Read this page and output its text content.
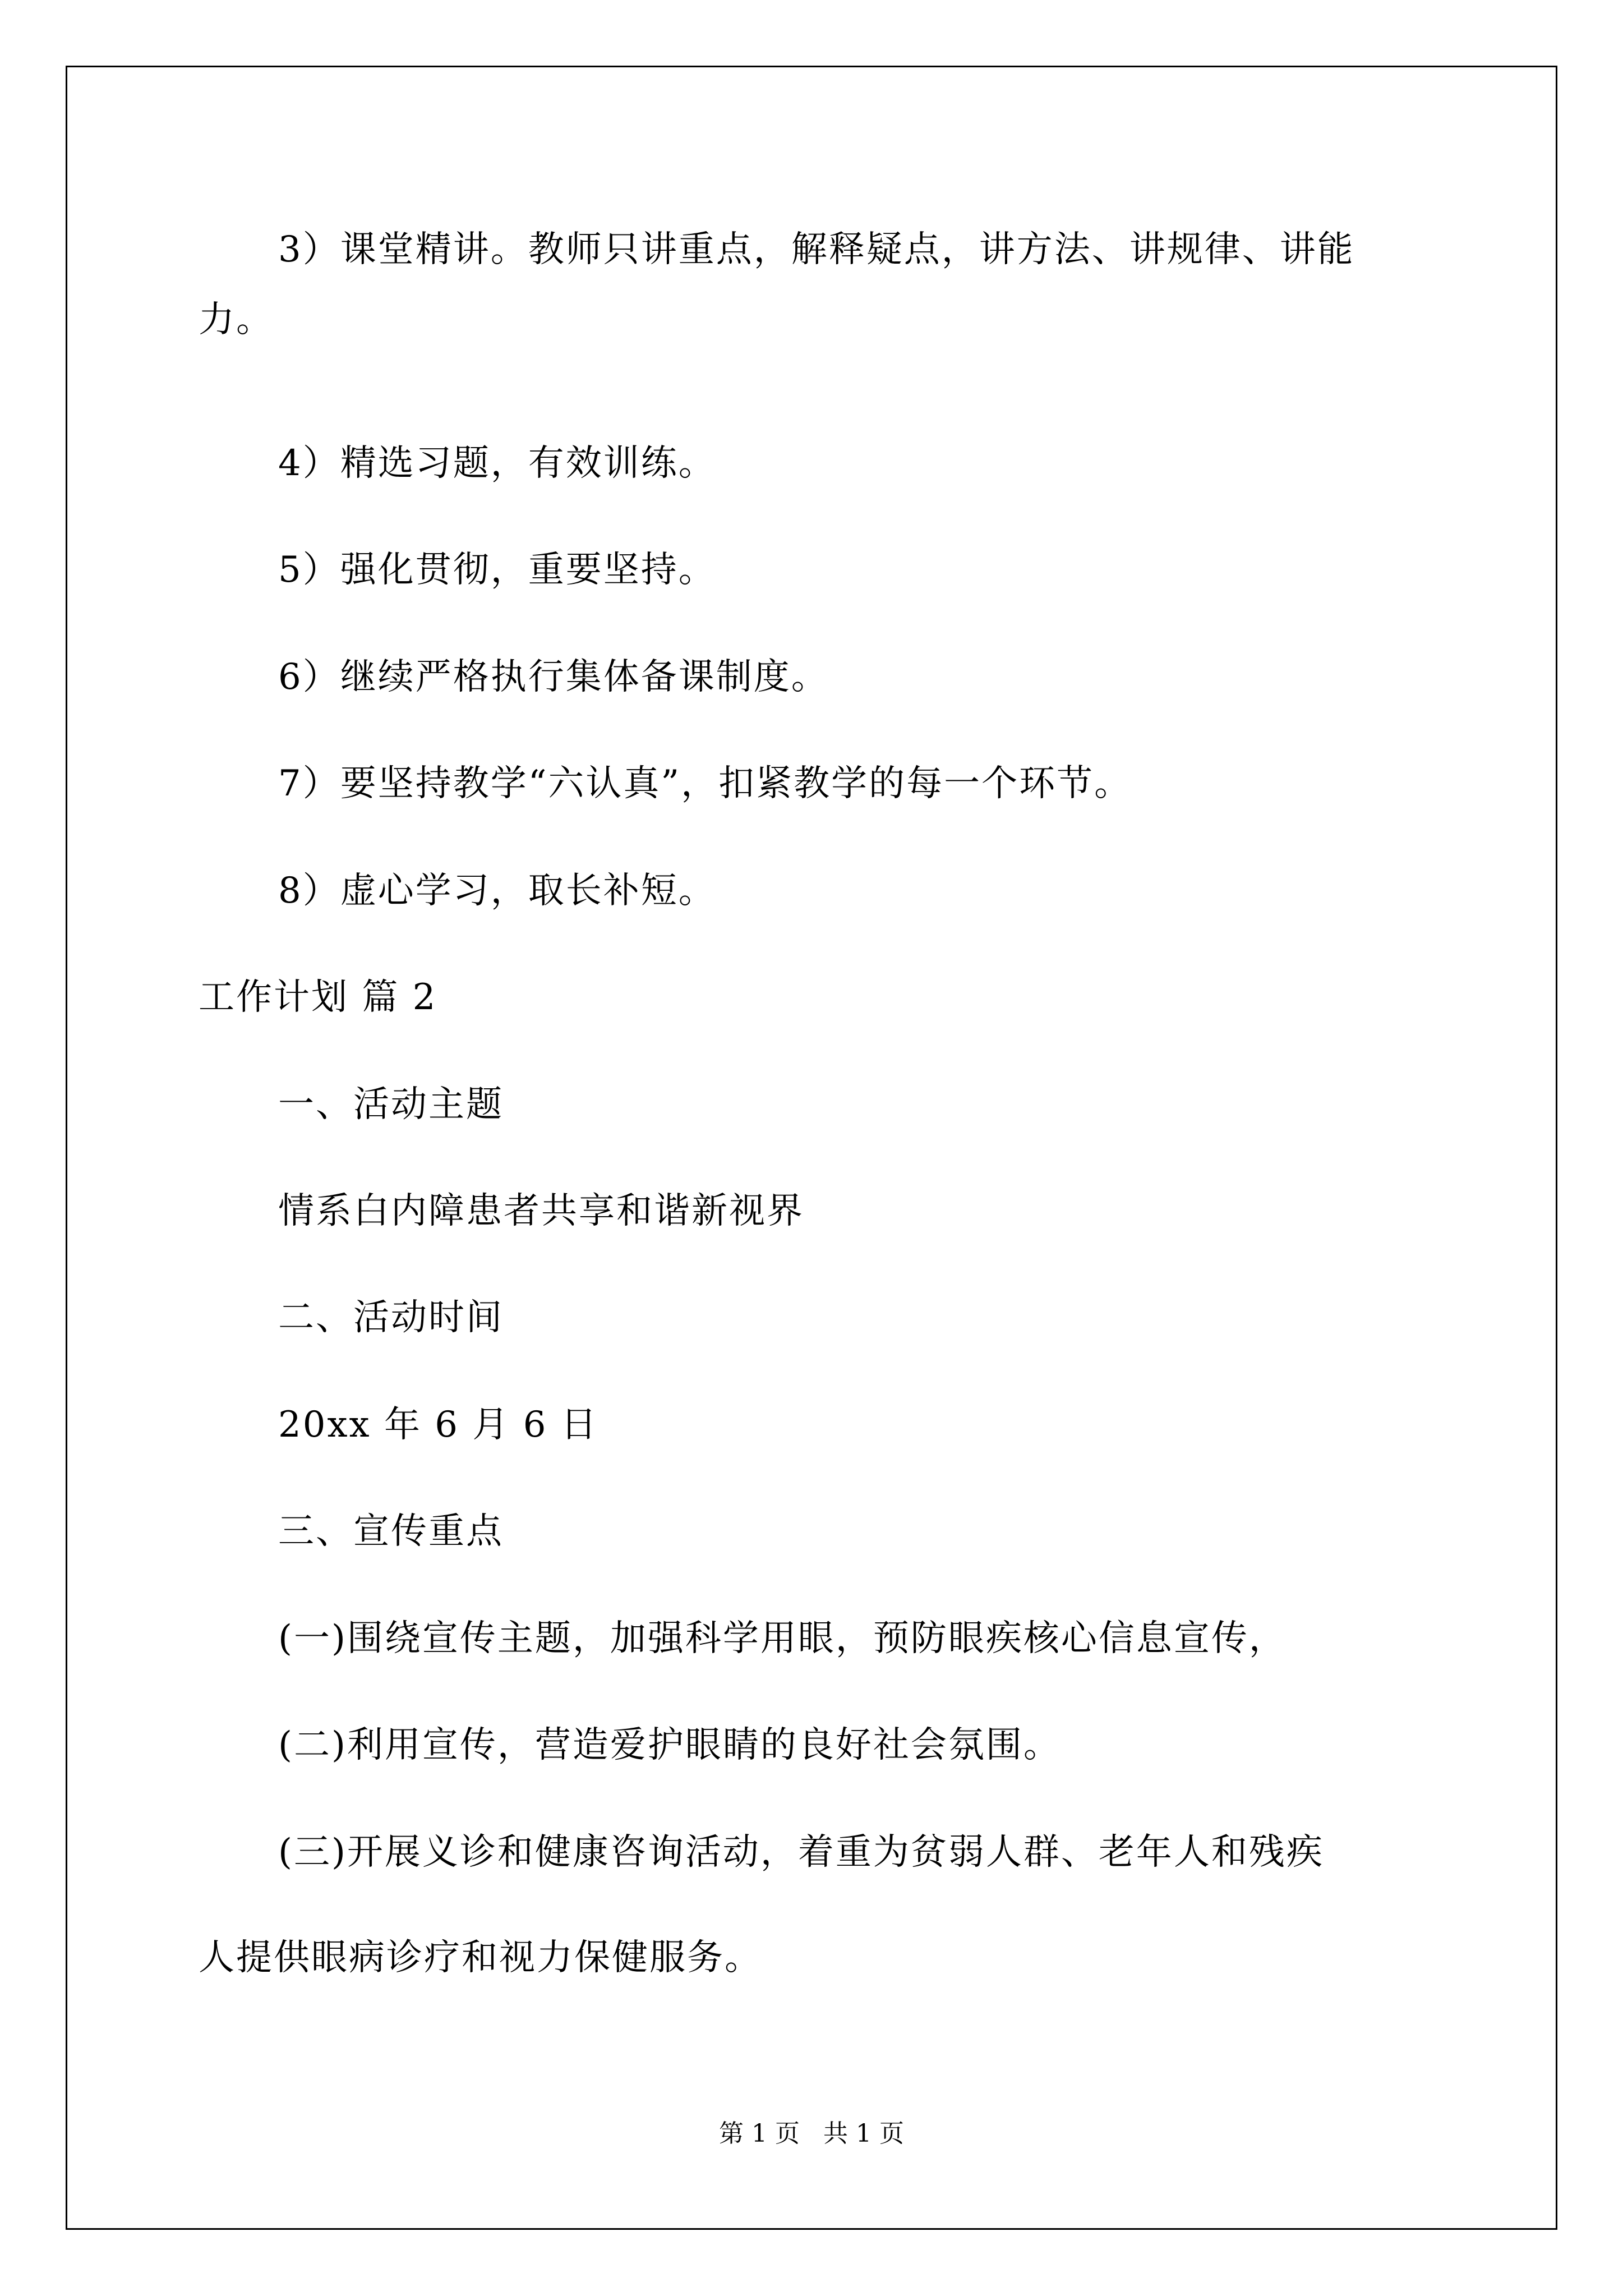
3）课堂精讲。教师只讲重点，解释疑点，讲方法、讲规律、讲能
力。
4）精选习题，有效训练。
5）强化贯彻，重要坚持。
6）继续严格执行集体备课制度。
7）要坚持教学“六认真”，扣紧教学的每一个环节。
8）虚心学习，取长补短。
工作计划 篇 2
一、活动主题
情系白内障患者共享和谐新视界
二、活动时间
20xx 年 6 月 6 日
三、宣传重点
(一)围绕宣传主题，加强科学用眼，预防眼疾核心信息宣传，
(二)利用宣传，营造爱护眼睛的良好社会氛围。
(三)开展义诊和健康咨询活动，着重为贫弱人群、老年人和残疾
人提供眼病诊疗和视力保健服务。
第 1 页   共 1 页
